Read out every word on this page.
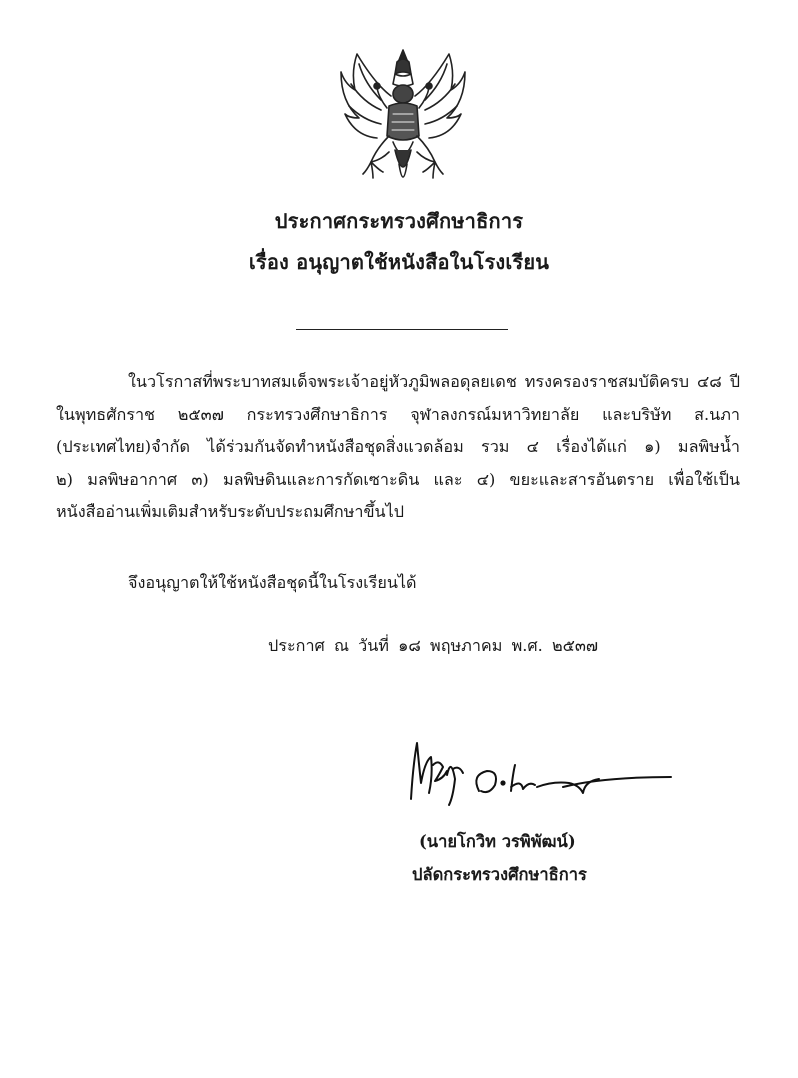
ประกาศกระทรวงศึกษาธิการ
เรื่อง อนุญาตใช้หนังสือในโรงเรียน
ในวโรกาสที่พระบาทสมเด็จพระเจ้าอยู่หัวภูมิพลอดุลยเดช ทรงครองราชสมบัติครบ ๔๘ ปี
ในพุทธศักราช ๒๕๓๗ กระทรวงศึกษาธิการ จุฬาลงกรณ์มหาวิทยาลัย และบริษัท ส.นภา
(ประเทศไทย)จำกัด ได้ร่วมกันจัดทำหนังสือชุดสิ่งแวดล้อม รวม ๔ เรื่องได้แก่ ๑) มลพิษน้ำ
๒) มลพิษอากาศ ๓) มลพิษดินและการกัดเซาะดิน และ ๔) ขยะและสารอันตราย เพื่อใช้เป็น
หนังสืออ่านเพิ่มเติมสำหรับระดับประถมศึกษาขึ้นไป
จึงอนุญาตให้ใช้หนังสือชุดนี้ในโรงเรียนได้
ประกาศ ณ วันที่ ๑๘ พฤษภาคม พ.ศ. ๒๕๓๗
(นายโกวิท วรพิพัฒน์)
ปลัดกระทรวงศึกษาธิการ
